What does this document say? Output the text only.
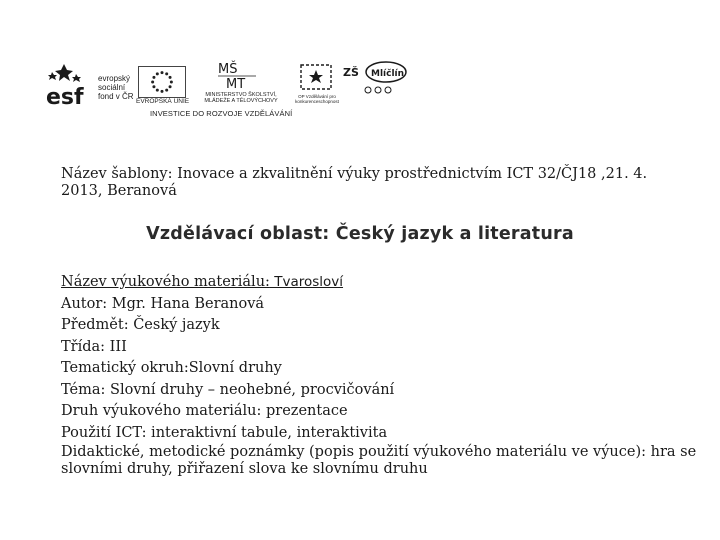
esf
evropský
sociální
fond v ČR
EVROPSKÁ UNIE
MŠ
MT
MINISTERSTVO ŠKOLSTVÍ, MLÁDEŽE A TĚLOVÝCHOVY
OP Vzdělávání pro konkurenceschopnost
ZŠ Mlíčlín
INVESTICE DO ROZVOJE VZDĚLÁVÁNÍ
Název šablony: Inovace a zkvalitnění výuky prostřednictvím ICT 32/ČJ18 ,21. 4. 2013, Beranová
Vzdělávací oblast: Český jazyk a literatura
Název výukového materiálu: Tvarosloví
Autor: Mgr. Hana Beranová
Předmět: Český jazyk
Třída: III
Tematický okruh:Slovní druhy
Téma: Slovní druhy – neohebné, procvičování
Druh výukového materiálu: prezentace
Použití ICT: interaktivní tabule, interaktivita
Didaktické, metodické poznámky (popis použití výukového materiálu ve výuce): hra se slovními druhy, přiřazení slova ke slovnímu druhu
